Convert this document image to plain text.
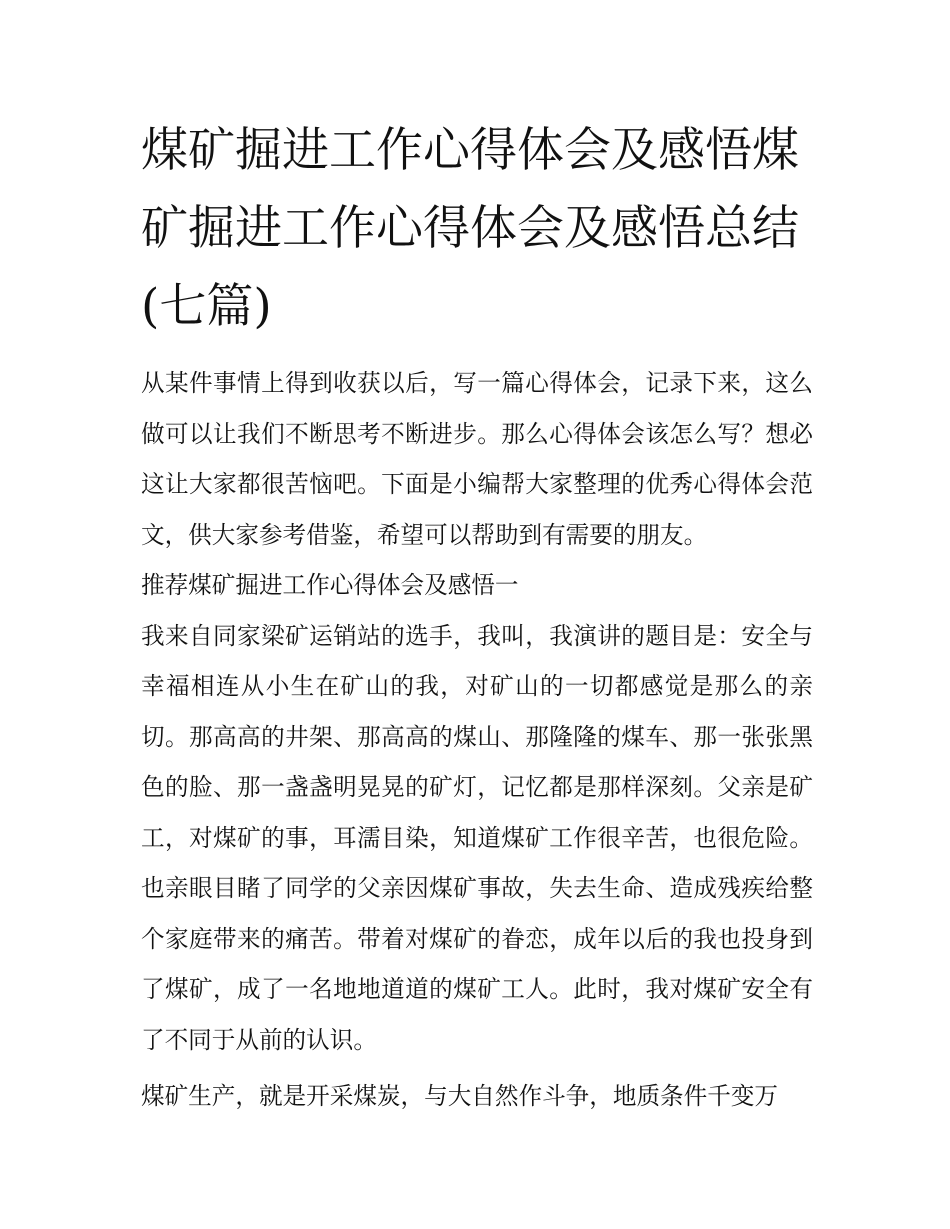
煤矿掘进工作心得体会及感悟煤矿掘进工作心得体会及感悟总结(七篇)

从某件事情上得到收获以后，写一篇心得体会，记录下来，这么做可以让我们不断思考不断进步。那么心得体会该怎么写？想必这让大家都很苦恼吧。下面是小编帮大家整理的优秀心得体会范文，供大家参考借鉴，希望可以帮助到有需要的朋友。

推荐煤矿掘进工作心得体会及感悟一

我来自同家梁矿运销站的选手，我叫，我演讲的题目是：安全与幸福相连从小生在矿山的我，对矿山的一切都感觉是那么的亲切。那高高的井架、那高高的煤山、那隆隆的煤车、那一张张黑色的脸、那一盏盏明晃晃的矿灯，记忆都是那样深刻。父亲是矿工，对煤矿的事，耳濡目染，知道煤矿工作很辛苦，也很危险。也亲眼目睹了同学的父亲因煤矿事故，失去生命、造成残疾给整个家庭带来的痛苦。带着对煤矿的眷恋，成年以后的我也投身到了煤矿，成了一名地地道道的煤矿工人。此时，我对煤矿安全有了不同于从前的认识。

煤矿生产，就是开采煤炭，与大自然作斗争，地质条件千变万
